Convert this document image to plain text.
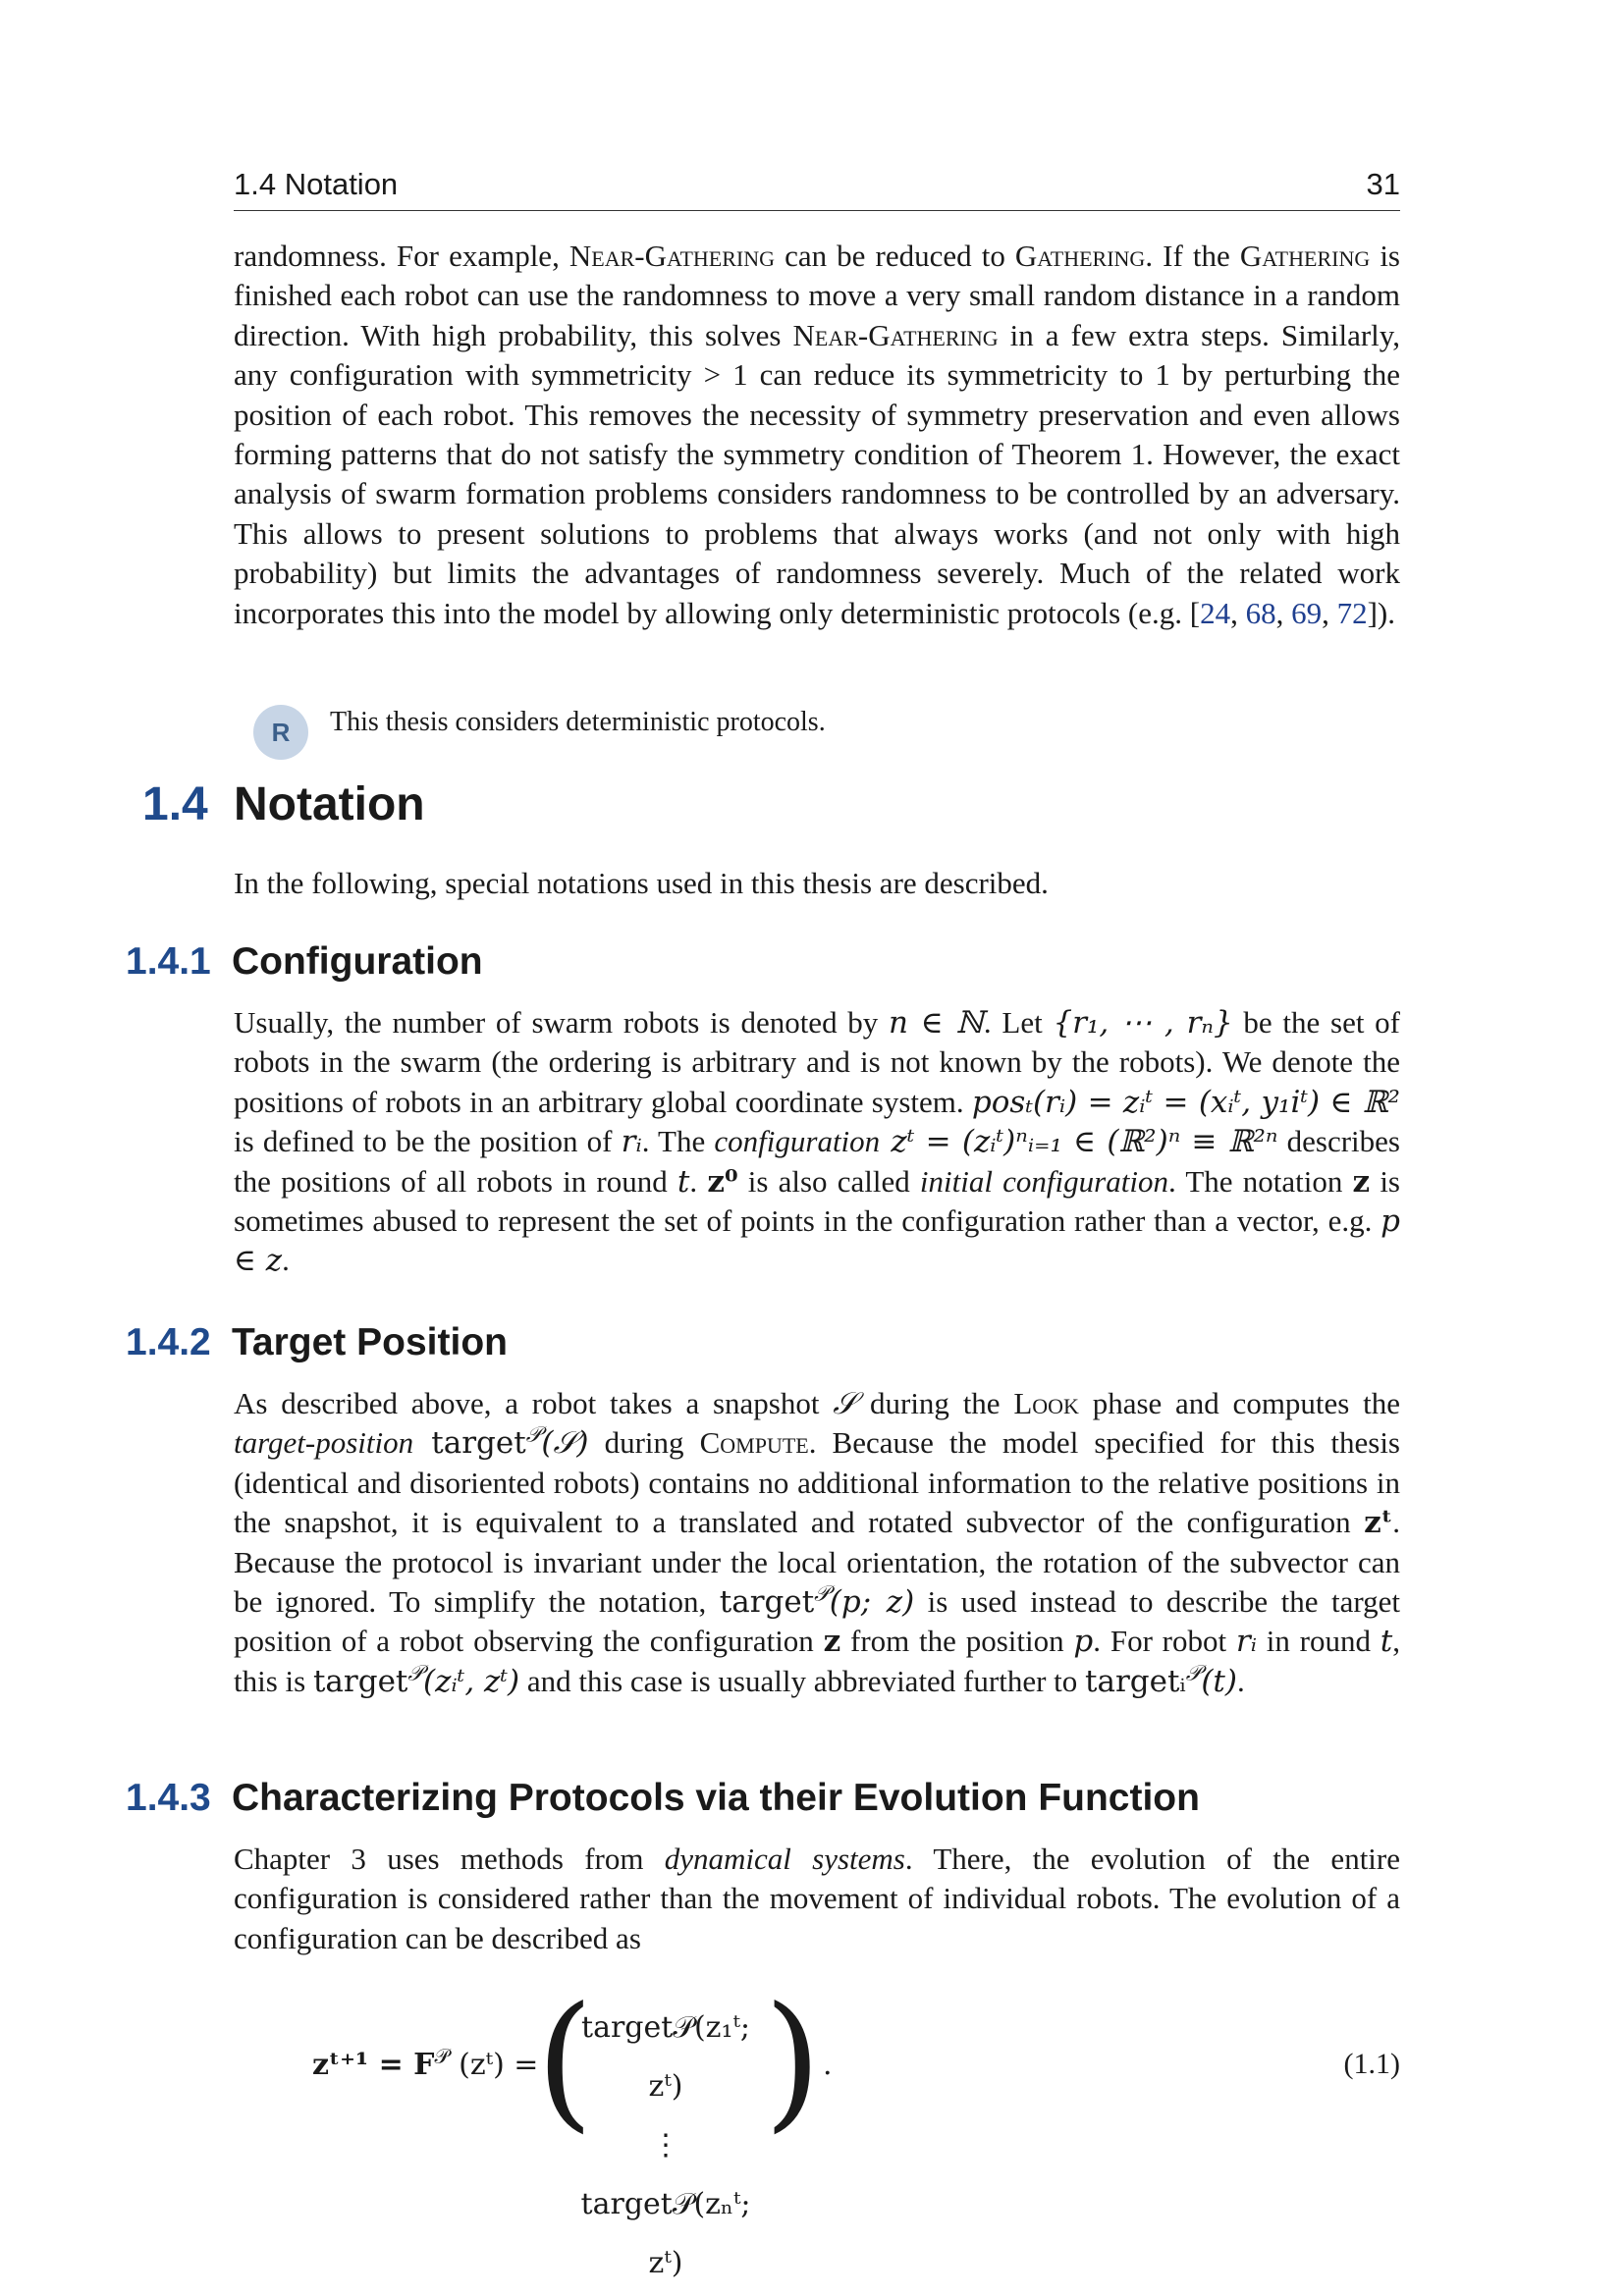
1.4 Notation	31

randomness. For example, Near-Gathering can be reduced to Gathering. If the Gathering is finished each robot can use the randomness to move a very small random distance in a random direction. With high probability, this solves Near-Gathering in a few extra steps. Similarly, any configuration with symmetricity > 1 can reduce its symmetricity to 1 by perturbing the position of each robot. This removes the necessity of symmetry preservation and even allows forming patterns that do not satisfy the symmetry condition of Theorem 1. However, the exact analysis of swarm formation problems considers randomness to be controlled by an adversary. This allows to present solutions to problems that always works (and not only with high probability) but limits the advantages of randomness severely. Much of the related work incorporates this into the model by allowing only deterministic protocols (e.g. [24, 68, 69, 72]).

R	This thesis considers deterministic protocols.
1.4 Notation

In the following, special notations used in this thesis are described.

1.4.1 Configuration

Usually, the number of swarm robots is denoted by n ∈ ℕ. Let {r₁, ⋯ , rₙ} be the set of robots in the swarm (the ordering is arbitrary and is not known by the robots). We denote the positions of robots in an arbitrary global coordinate system. posₜ(rᵢ) = zᵢᵗ = (xᵢᵗ, y₁iᵗ) ∈ ℝ² is defined to be the position of rᵢ. The configuration zᵗ = (zᵢᵗ)ⁿᵢ₌₁ ∈ (ℝ²)ⁿ ≡ ℝ²ⁿ describes the positions of all robots in round t. z⁰ is also called initial configuration. The notation z is sometimes abused to represent the set of points in the configuration rather than a vector, e.g. p ∈ z.

1.4.2 Target Position

As described above, a robot takes a snapshot 𝒮 during the Look phase and computes the target-position target$^𝒫$(𝒮) during Compute. Because the model specified for this thesis (identical and disoriented robots) contains no additional information to the relative positions in the snapshot, it is equivalent to a translated and rotated subvector of the configuration zᵗ. Because the protocol is invariant under the local orientation, the rotation of the subvector can be ignored. To simplify the notation, target$^𝒫$(p; z) is used instead to describe the target position of a robot observing the configuration z from the position p. For robot rᵢ in round t, this is target$^𝒫$(zᵢᵗ, zᵗ) and this case is usually abbreviated further to targetᵢ$^𝒫$(t).

1.4.3 Characterizing Protocols via their Evolution Function

Chapter 3 uses methods from dynamical systems. There, the evolution of the entire configuration is considered rather than the movement of individual robots. The evolution of a configuration can be described as

zᵗ⁺¹ = $F^𝒫$ (zᵗ) =
(
target𝒫(z₁ᵗ; zᵗ)
⋮
target𝒫(zₙᵗ; zᵗ)
) .	(1.1)
